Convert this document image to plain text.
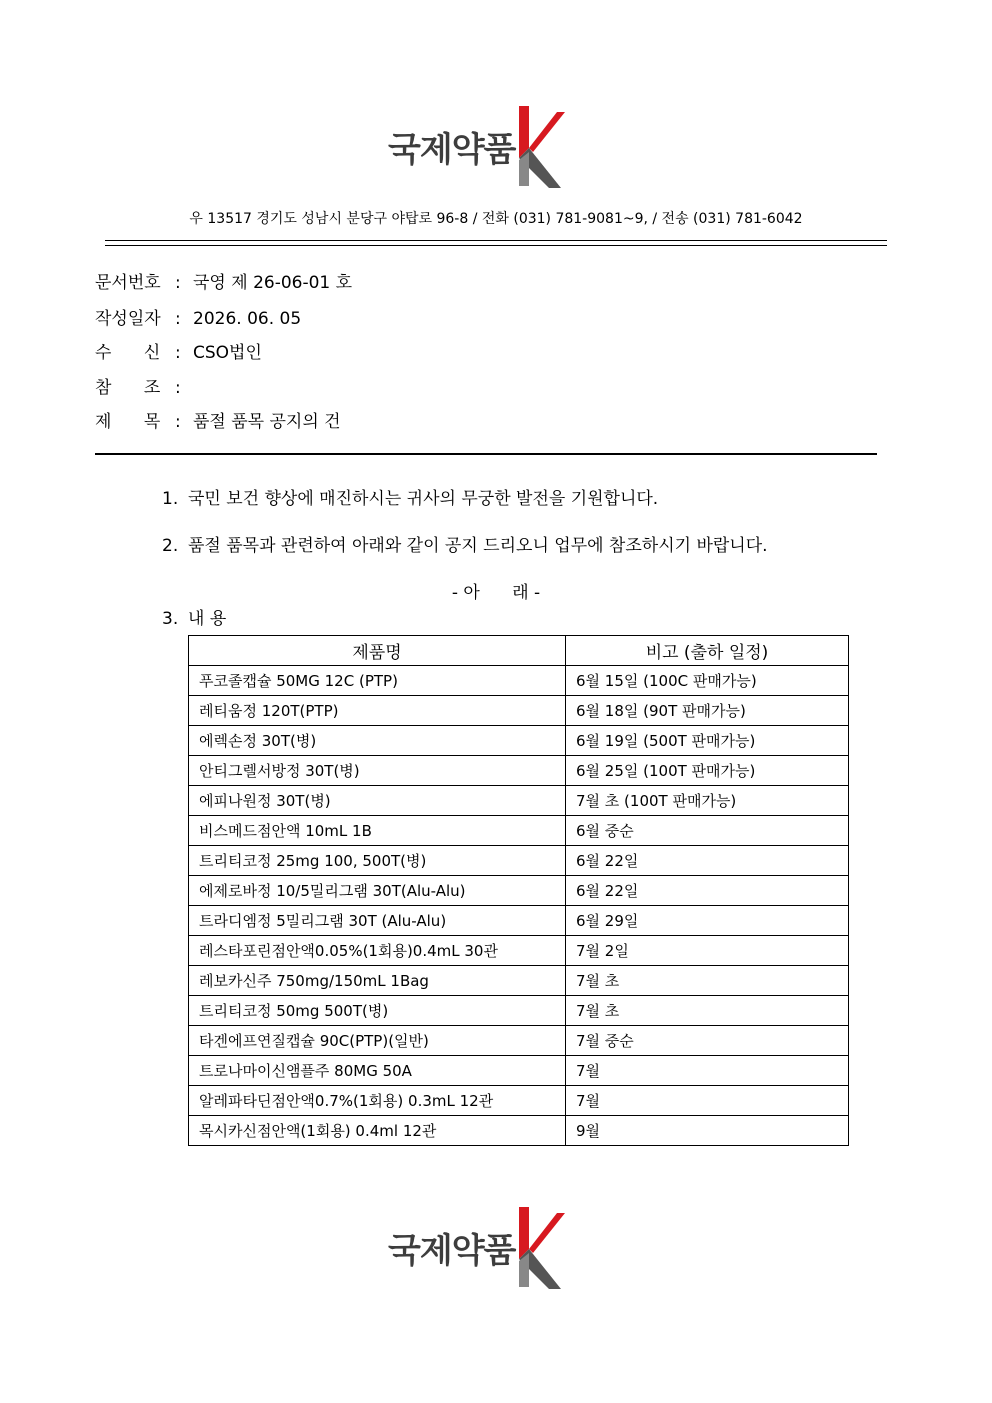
국제약품
우 13517 경기도 성남시 분당구 야탑로 96-8 / 전화 (031) 781-9081~9, / 전송 (031) 781-6042
문서번호 : 국영 제 26-06-01 호
작성일자 : 2026. 06. 05
수      신 : CSO법인
참      조 :
제      목 : 품절 품목 공지의 건
1. 국민 보건 향상에 매진하시는 귀사의 무궁한 발전을 기원합니다.
2. 품절 품목과 관련하여 아래와 같이 공지 드리오니 업무에 참조하시기 바랍니다.
- 아      래 -
3. 내 용
제품명	비고 (출하 일정)
푸코졸캡슐 50MG 12C (PTP)	6월 15일 (100C 판매가능)
레티움정 120T(PTP)	6월 18일 (90T 판매가능)
에렉손정 30T(병)	6월 19일 (500T 판매가능)
안티그렐서방정 30T(병)	6월 25일 (100T 판매가능)
에피나원정 30T(병)	7월 초 (100T 판매가능)
비스메드점안액 10mL 1B	6월 중순
트리티코정 25mg 100, 500T(병)	6월 22일
에제로바정 10/5밀리그램 30T(Alu-Alu)	6월 22일
트라디엠정 5밀리그램 30T (Alu-Alu)	6월 29일
레스타포린점안액0.05%(1회용)0.4mL 30관	7월 2일
레보카신주 750mg/150mL 1Bag	7월 초
트리티코정 50mg 500T(병)	7월 초
타겐에프연질캡슐 90C(PTP)(일반)	7월 중순
트로나마이신앰플주 80MG 50A	7월
알레파타딘점안액0.7%(1회용) 0.3mL 12관	7월
목시카신점안액(1회용) 0.4ml 12관	9월
국제약품
